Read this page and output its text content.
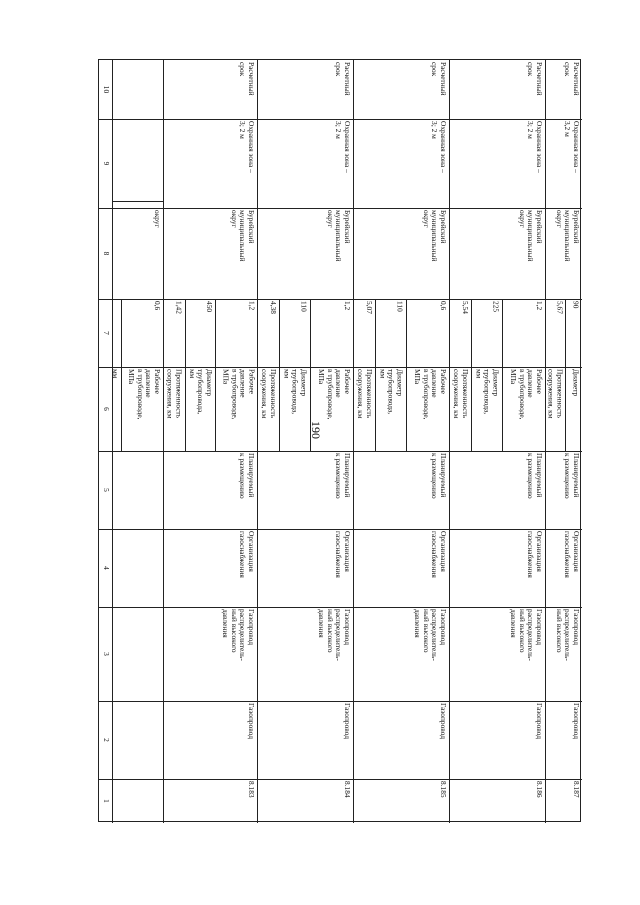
190
1
2
3
4
5
6
7
8
9
10
мм	Рабочее
давление
в трубопроводе,
МПа
0,6
округ
8.183
Газопровод
Газопровод
распределитель-
ный высокого
давления
Организация
газоснабжения
Планируемый
к размещению
Бурейский
муниципальный
округ
Охранная зона –
3; 2 м
Расчетный
срок
Протяженность
сооружения, км
1,42
Диаметр
трубопровода,
мм
450
Рабочее
давление
в трубопроводе,
МПа
1,2
8.184
Газопровод
Газопровод
распределитель-
ный высокого
давления
Организация
газоснабжения
Планируемый
к размещению
Бурейский
муниципальный
округ
Охранная зона –
3; 2 м
Расчетный
срок
Протяженность
сооружения, км
4,38
Диаметр
трубопровода,
мм
110
Рабочее
давление
в трубопроводе,
МПа
1,2
8.185
Газопровод
Газопровод
распределитель-
ный высокого
давления
Организация
газоснабжения
Планируемый
к размещению
Бурейский
муниципальный
округ
Охранная зона –
3; 2 м
Расчетный
срок
Протяженность
сооружения, км
5,07
Диаметр
трубопровода,
мм
110
Рабочее
давление
в трубопроводе,
МПа
0,6
8.186
Газопровод
Газопровод
распределитель-
ный высокого
давления
Организация
газоснабжения
Планируемый
к размещению
Бурейский
муниципальный
округ
Охранная зона –
3; 2 м
Расчетный
срок
Протяженность
сооружения, км
5,54
Диаметр
трубопровода,
мм
225
Рабочее
давление
в трубопроводе,
МПа
1,2
8.187
Газопровод
Газопровод
распределитель-
ный высокого
Организация
газоснабжения
Планируемый
к размещению
Бурейский
муниципальный
округ
Охранная зона –
3,2 м
Расчетный
срок
Протяженность
сооружения, км
5,67
Диаметр
90
